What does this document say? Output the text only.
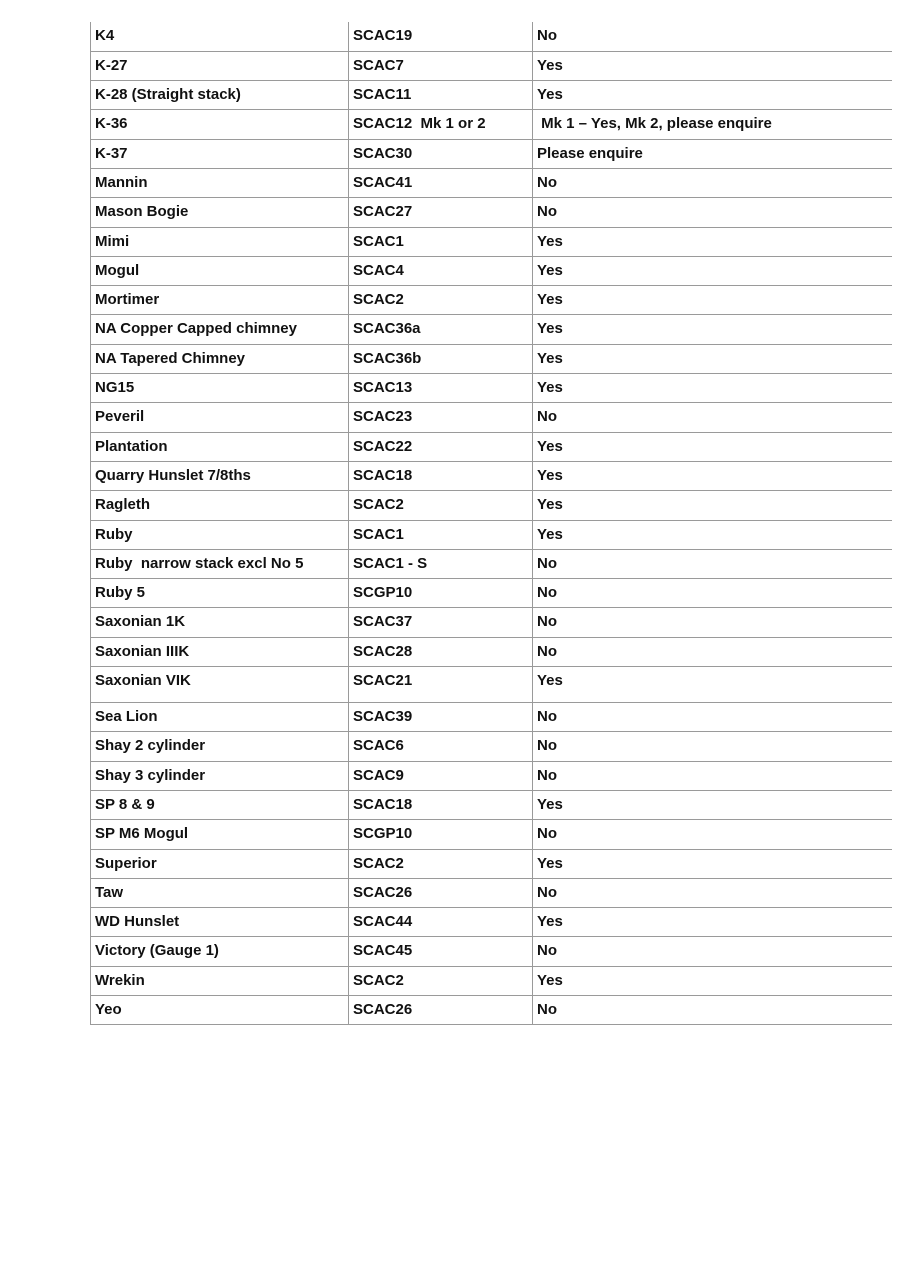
K4	SCAC19	No
K-27	SCAC7	Yes
K-28 (Straight stack)	SCAC11	Yes
K-36	SCAC12  Mk 1 or 2	Mk 1 – Yes, Mk 2, please enquire
K-37	SCAC30	Please enquire
Mannin	SCAC41	No
Mason Bogie	SCAC27	No
Mimi	SCAC1	Yes
Mogul	SCAC4	Yes
Mortimer	SCAC2	Yes
NA Copper Capped chimney	SCAC36a	Yes
NA Tapered Chimney	SCAC36b	Yes
NG15	SCAC13	Yes
Peveril	SCAC23	No
Plantation	SCAC22	Yes
Quarry Hunslet 7/8ths	SCAC18	Yes
Ragleth	SCAC2	Yes
Ruby	SCAC1	Yes
Ruby  narrow stack excl No 5	SCAC1 - S	No
Ruby 5	SCGP10	No
Saxonian 1K	SCAC37	No
Saxonian IIIK	SCAC28	No
Saxonian VIK	SCAC21	Yes
Sea Lion	SCAC39	No
Shay 2 cylinder	SCAC6	No
Shay 3 cylinder	SCAC9	No
SP 8 & 9	SCAC18	Yes
SP M6 Mogul	SCGP10	No
Superior	SCAC2	Yes
Taw	SCAC26	No
WD Hunslet	SCAC44	Yes
Victory (Gauge 1)	SCAC45	No
Wrekin	SCAC2	Yes
Yeo	SCAC26	No
